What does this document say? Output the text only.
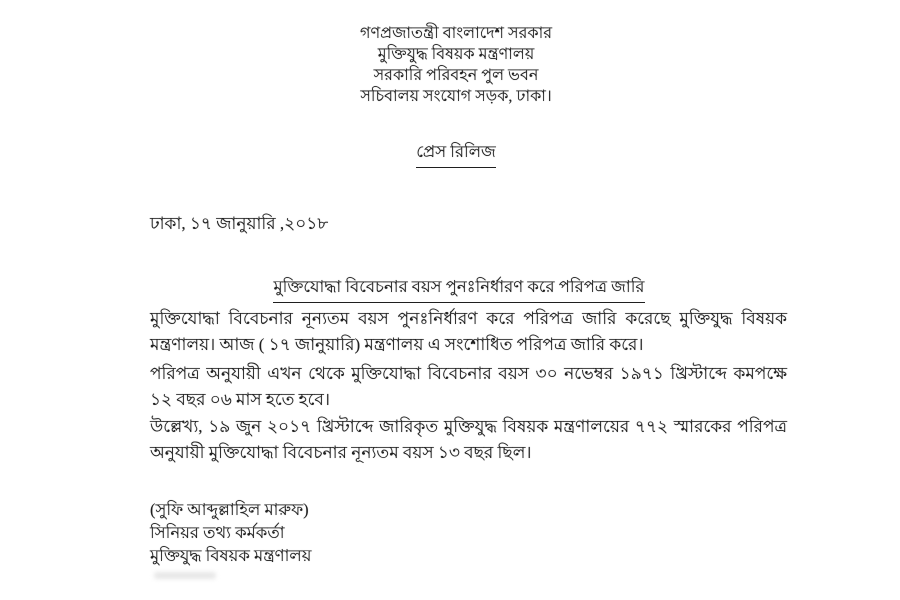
গণপ্রজাতন্ত্রী বাংলাদেশ সরকার
মুক্তিযুদ্ধ বিষয়ক মন্ত্রণালয়
সরকারি পরিবহন পুল ভবন
সচিবালয় সংযোগ সড়ক, ঢাকা।
প্রেস রিলিজ
ঢাকা, ১৭ জানুয়ারি ,২০১৮
মুক্তিযোদ্ধা বিবেচনার বয়স পুনঃনির্ধারণ করে পরিপত্র জারি

মুক্তিযোদ্ধা বিবেচনার নূন্যতম বয়স পুনঃনির্ধারণ করে পরিপত্র জারি করেছে মুক্তিযুদ্ধ বিষয়ক মন্ত্রণালয়। আজ ( ১৭ জানুয়ারি) মন্ত্রণালয় এ সংশোধিত পরিপত্র জারি করে।

পরিপত্র অনুযায়ী এখন থেকে মুক্তিযোদ্ধা বিবেচনার বয়স ৩০ নভেম্বর ১৯৭১ খ্রিস্টাব্দে কমপক্ষে ১২ বছর ০৬ মাস হতে হবে।

উল্লেখ্য, ১৯ জুন ২০১৭ খ্রিস্টাব্দে জারিকৃত মুক্তিযুদ্ধ বিষয়ক মন্ত্রণালয়ের ৭৭২ স্মারকের পরিপত্র অনুযায়ী মুক্তিযোদ্ধা বিবেচনার নূন্যতম বয়স ১৩ বছর ছিল।

(সুফি আব্দুল্লাহিল মারুফ)
সিনিয়র তথ্য কর্মকর্তা
মুক্তিযুদ্ধ বিষয়ক মন্ত্রণালয়
